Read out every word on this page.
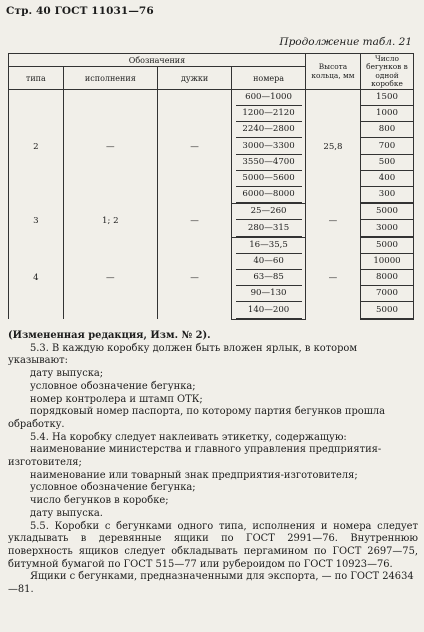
Стр. 40 ГОСТ 11031—76
Продолжение табл. 21
Обозначения				Высота кольца, мм	Число бегунков в одной коробке
типа	исполнения	дужки	номера		
2	—	—	600—1000	25,8	1500

			1200—2120		1000

			2240—2800		800

			3000—3300		700

			3550—4700		500

			5000—5600		400

			6000—8000		300

3	1; 2	—	25—260	—	5000

			280—315		3000

4	—	—	16—35,5	—	5000

			40—60		10000

			63—85		8000

			90—130		7000

			140—200		5000

(Измененная редакция, Изм. № 2).

5.3. В каждую коробку должен быть вложен ярлык, в котором указывают:

дату выпуска;

условное обозначение бегунка;

номер контролера и штамп ОТК;

порядковый номер паспорта, по которому партия бегунков прошла обработку.

5.4. На коробку следует наклеивать этикетку, содержащую:

наименование министерства и главного управления предприятия-изготовителя;

наименование или товарный знак предприятия-изготовителя;

условное обозначение бегунка;

число бегунков в коробке;

дату выпуска.

5.5. Коробки с бегунками одного типа, исполнения и номера следует укладывать в деревянные ящики по ГОСТ 2991—76. Внутреннюю поверхность ящиков следует обкладывать пергамином по ГОСТ 2697—75, битумной бумагой по ГОСТ 515—77 или рубероидом по ГОСТ 10923—76.

Ящики с бегунками, предназначенными для экспорта, — по ГОСТ 24634—81.
